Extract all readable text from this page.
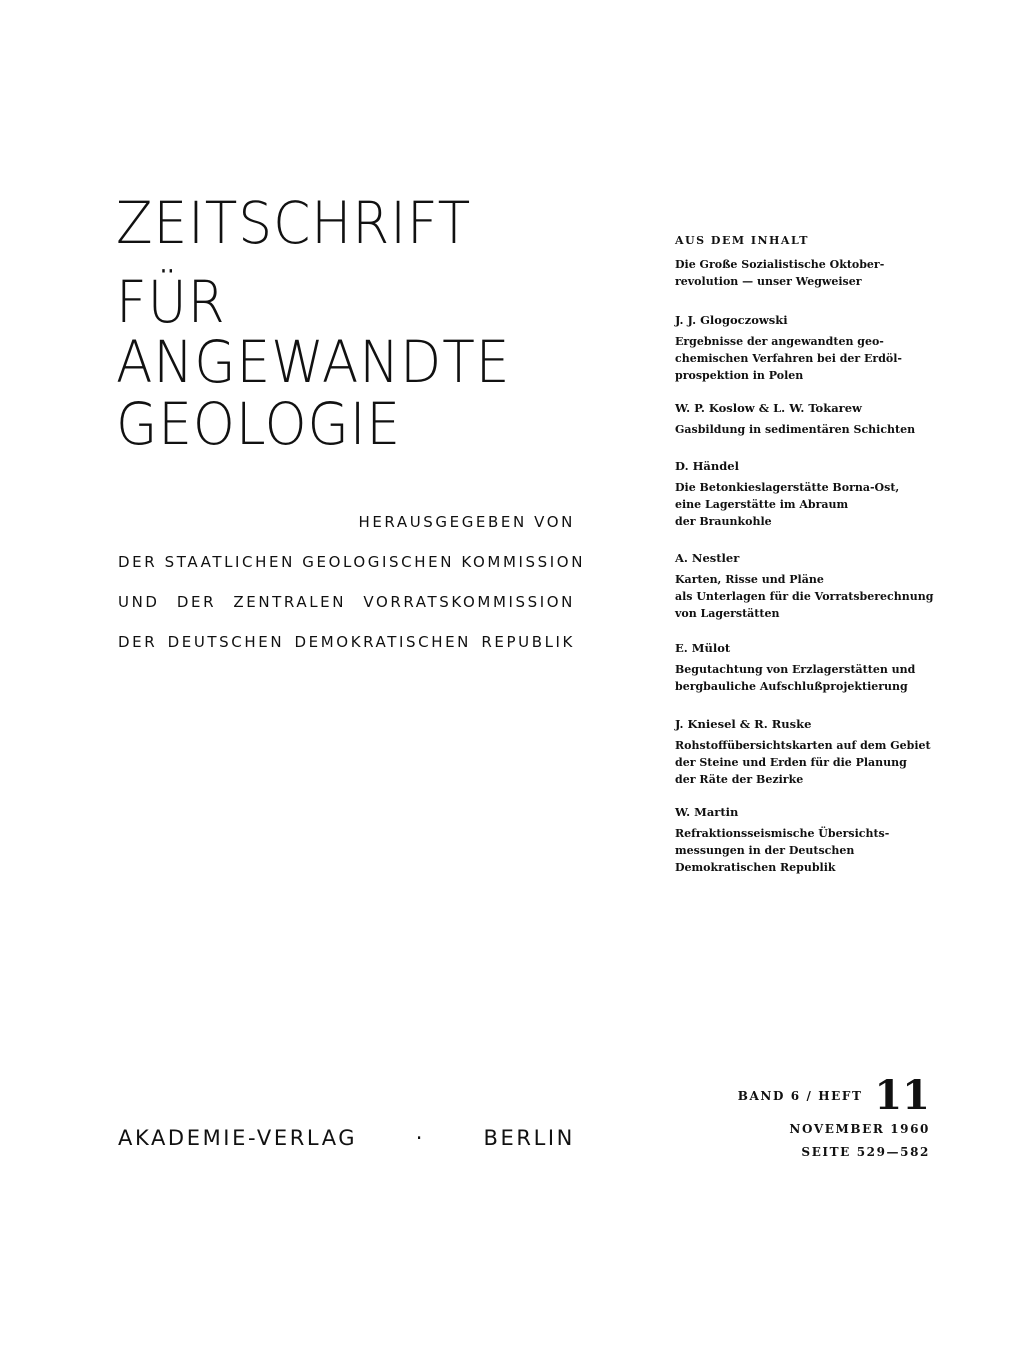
ZEITSCHRIFT
FÜR
ANGEWANDTE
GEOLOGIE
HERAUSGEGEBEN VON
DER STAATLICHEN GEOLOGISCHEN KOMMISSION
UND DER ZENTRALEN VORRATSKOMMISSION
DER DEUTSCHEN DEMOKRATISCHEN REPUBLIK
AKADEMIE-VERLAG · BERLIN
AUS DEM INHALT
Die Große Sozialistische Oktober-
revolution — unser Wegweiser
J. J. Glogoczowski
Ergebnisse der angewandten geo-
chemischen Verfahren bei der Erdöl-
prospektion in Polen
W. P. Koslow & L. W. Tokarew
Gasbildung in sedimentären Schichten
D. Händel
Die Betonkieslagerstätte Borna-Ost,
eine Lagerstätte im Abraum
der Braunkohle
A. Nestler
Karten, Risse und Pläne
als Unterlagen für die Vorratsberechnung
von Lagerstätten
E. Mülot
Begutachtung von Erzlagerstätten und
bergbauliche Aufschlußprojektierung
J. Kniesel & R. Ruske
Rohstoffübersichtskarten auf dem Gebiet
der Steine und Erden für die Planung
der Räte der Bezirke
W. Martin
Refraktionsseismische Übersichts-
messungen in der Deutschen
Demokratischen Republik
BAND 6 / HEFT 11
NOVEMBER 1960
SEITE 529—582
